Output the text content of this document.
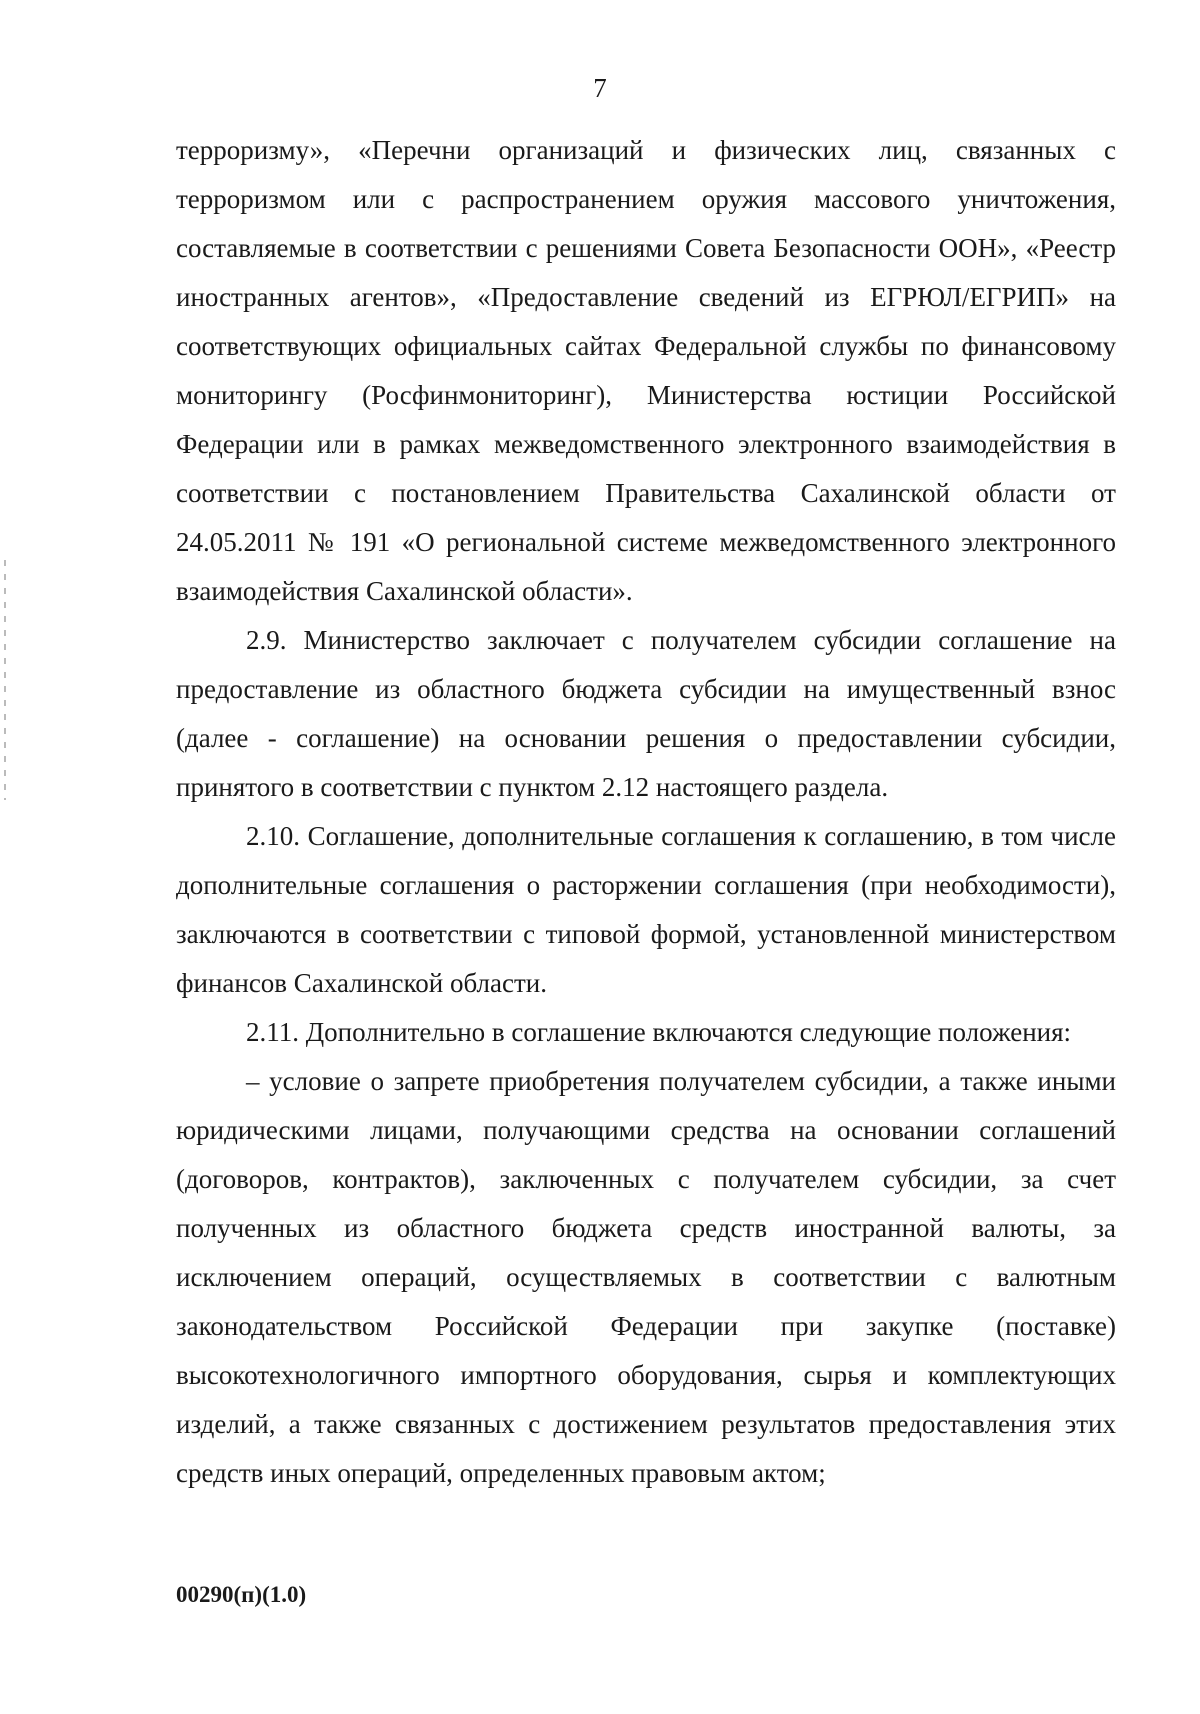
7

терроризму», «Перечни организаций и физических лиц, связанных с терроризмом или с распространением оружия массового уничтожения, составляемые в соответствии с решениями Совета Безопасности ООН», «Реестр иностранных агентов», «Предоставление сведений из ЕГРЮЛ/ЕГРИП» на соответствующих официальных сайтах Федеральной службы по финансовому мониторингу (Росфинмониторинг), Министерства юстиции Российской Федерации или в рамках межведомственного электронного взаимодействия в соответствии с постановлением Правительства Сахалинской области от 24.05.2011 № 191 «О региональной системе межведомственного электронного взаимодействия Сахалинской области».

2.9. Министерство заключает с получателем субсидии соглашение на предоставление из областного бюджета субсидии на имущественный взнос (далее - соглашение) на основании решения о предоставлении субсидии, принятого в соответствии с пунктом 2.12 настоящего раздела.

2.10. Соглашение, дополнительные соглашения к соглашению, в том числе дополнительные соглашения о расторжении соглашения (при необходимости), заключаются в соответствии с типовой формой, установленной министерством финансов Сахалинской области.

2.11. Дополнительно в соглашение включаются следующие положения:

– условие о запрете приобретения получателем субсидии, а также иными юридическими лицами, получающими средства на основании соглашений (договоров, контрактов), заключенных с получателем субсидии, за счет полученных из областного бюджета средств иностранной валюты, за исключением операций, осуществляемых в соответствии с валютным законодательством Российской Федерации при закупке (поставке) высокотехнологичного импортного оборудования, сырья и комплектующих изделий, а также связанных с достижением результатов предоставления этих средств иных операций, определенных правовым актом;

00290(п)(1.0)
